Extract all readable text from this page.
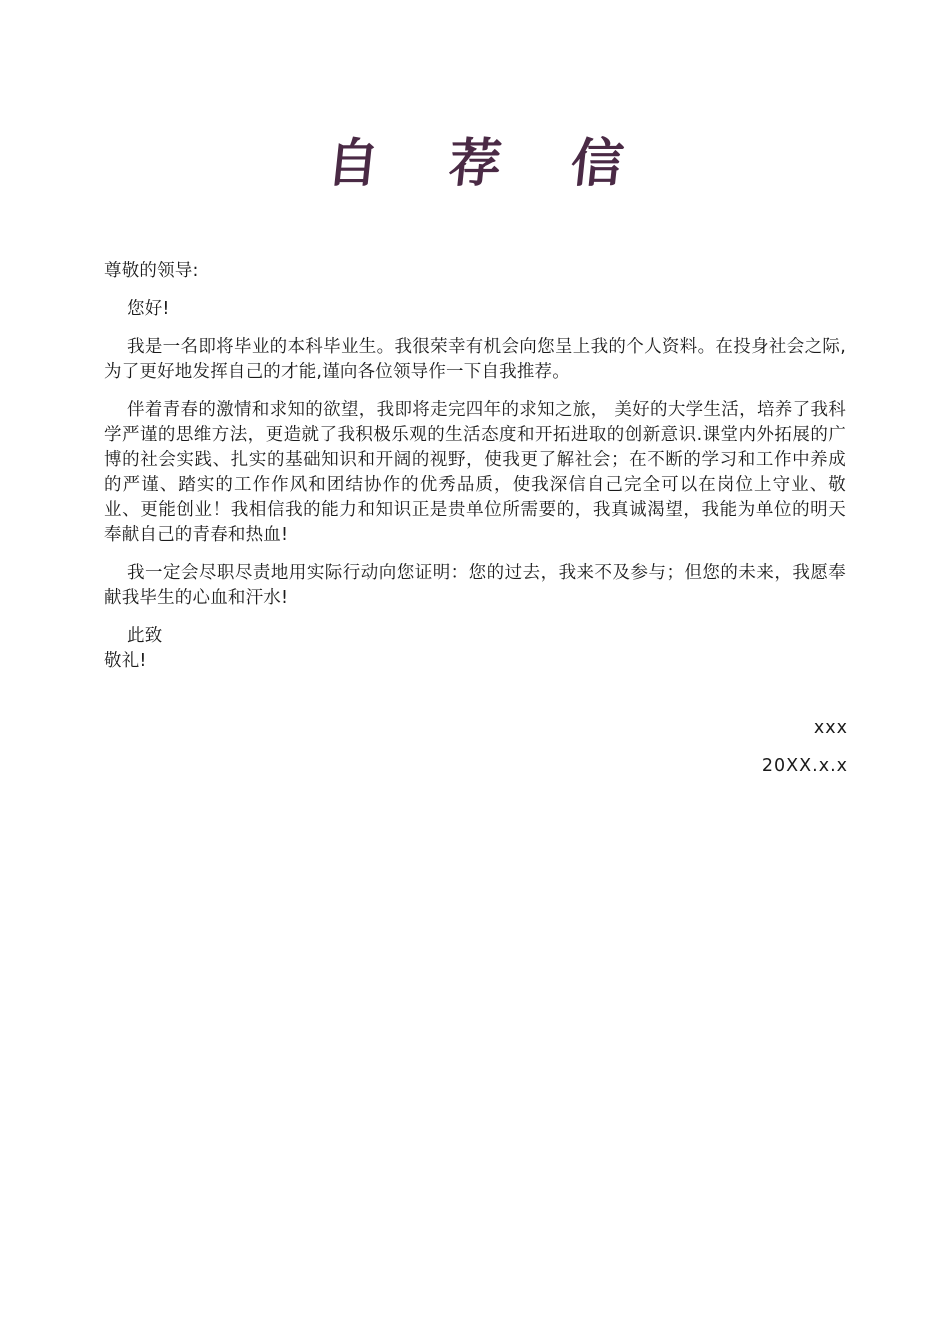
自 荐 信

尊敬的领导:

您好!

我是一名即将毕业的本科毕业生。我很荣幸有机会向您呈上我的个人资料。在投身社会之际,为了更好地发挥自己的才能,谨向各位领导作一下自我推荐。

伴着青春的激情和求知的欲望，我即将走完四年的求知之旅， 美好的大学生活，培养了我科学严谨的思维方法，更造就了我积极乐观的生活态度和开拓进取的创新意识.课堂内外拓展的广博的社会实践、扎实的基础知识和开阔的视野，使我更了解社会；在不断的学习和工作中养成的严谨、踏实的工作作风和团结协作的优秀品质，使我深信自己完全可以在岗位上守业、敬业、更能创业！我相信我的能力和知识正是贵单位所需要的，我真诚渴望，我能为单位的明天奉献自己的青春和热血!

我一定会尽职尽责地用实际行动向您证明：您的过去，我来不及参与；但您的未来，我愿奉献我毕生的心血和汗水!

此致

敬礼!

xxx
20XX.x.x
